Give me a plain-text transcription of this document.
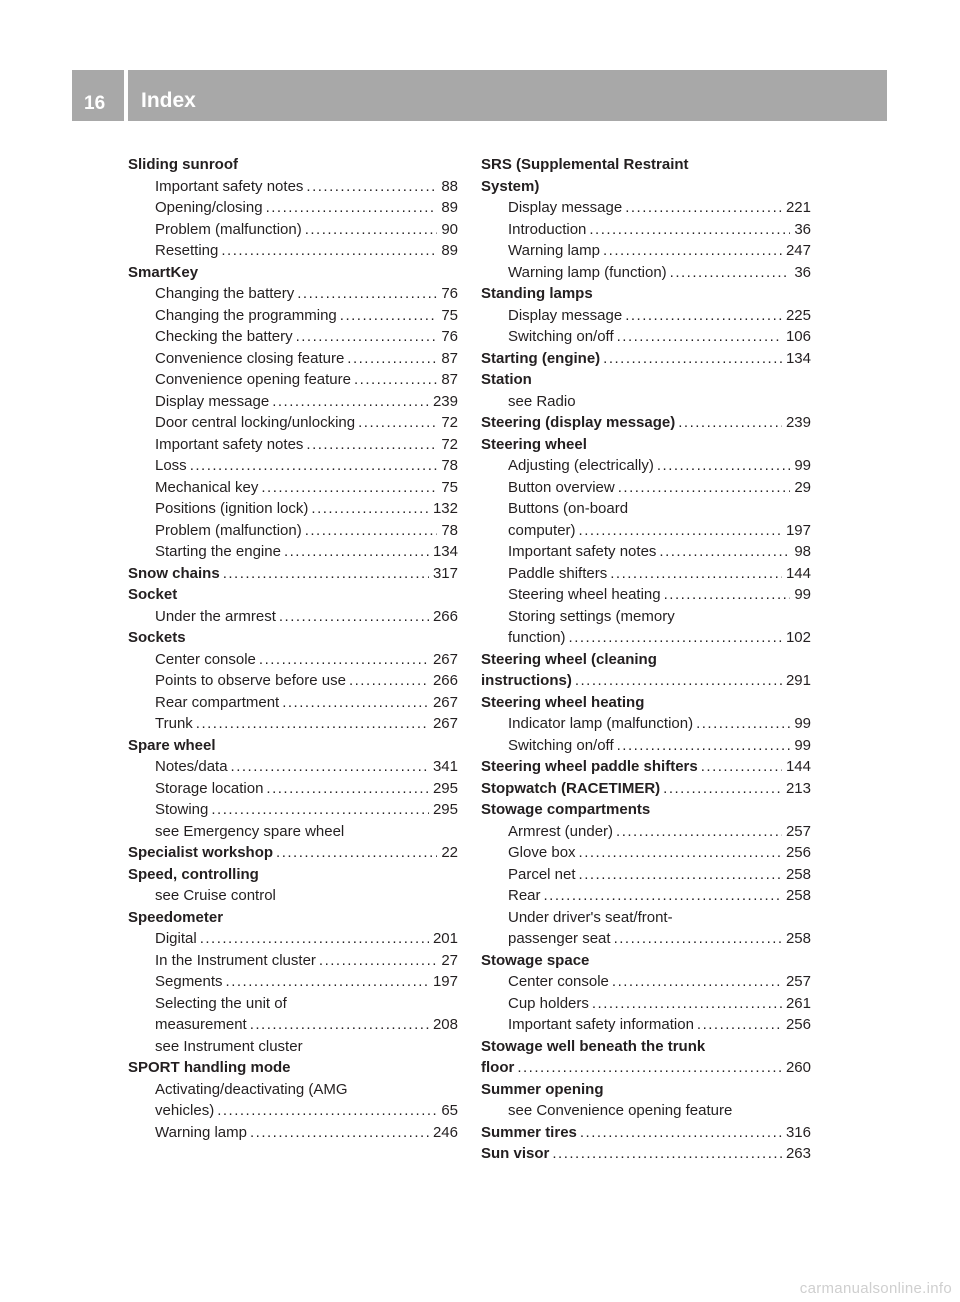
16 Index
Sliding sunroof
Important safety notes .....	88
Opening/closing .....	89
Problem (malfunction) .....	90
Resetting .....	89
SmartKey
Changing the battery .....	76
Changing the programming .....	75
Checking the battery .....	76
Convenience closing feature .....	87
Convenience opening feature .....	87
Display message .....	239
Door central locking/unlocking .....	72
Important safety notes .....	72
Loss .....	78
Mechanical key .....	75
Positions (ignition lock) .....	132
Problem (malfunction) .....	78
Starting the engine .....	134
Snow chains .....	317
Socket
Under the armrest .....	266
Sockets
Center console .....	267
Points to observe before use .....	266
Rear compartment .....	267
Trunk .....	267
Spare wheel
Notes/data .....	341
Storage location .....	295
Stowing .....	295
see Emergency spare wheel
Specialist workshop .....	22
Speed, controlling
see Cruise control
Speedometer
Digital .....	201
In the Instrument cluster .....	27
Segments .....	197
Selecting the unit of
measurement .....	208
see Instrument cluster
SPORT handling mode
Activating/deactivating (AMG
vehicles) .....	65
Warning lamp .....	246
SRS (Supplemental Restraint
System)
Display message .....	221
Introduction .....	36
Warning lamp .....	247
Warning lamp (function) .....	36
Standing lamps
Display message .....	225
Switching on/off .....	106
Starting (engine) .....	134
Station
see Radio
Steering (display message) .....	239
Steering wheel
Adjusting (electrically) .....	99
Button overview .....	29
Buttons (on-board
computer) .....	197
Important safety notes .....	98
Paddle shifters .....	144
Steering wheel heating .....	99
Storing settings (memory
function) .....	102
Steering wheel (cleaning
instructions) .....	291
Steering wheel heating
Indicator lamp (malfunction) .....	99
Switching on/off .....	99
Steering wheel paddle shifters .....	144
Stopwatch (RACETIMER) .....	213
Stowage compartments
Armrest (under) .....	257
Glove box .....	256
Parcel net .....	258
Rear .....	258
Under driver's seat/front-
passenger seat .....	258
Stowage space
Center console .....	257
Cup holders .....	261
Important safety information .....	256
Stowage well beneath the trunk
floor .....	260
Summer opening
see Convenience opening feature
Summer tires .....	316
Sun visor .....	263
carmanualsonline.info
